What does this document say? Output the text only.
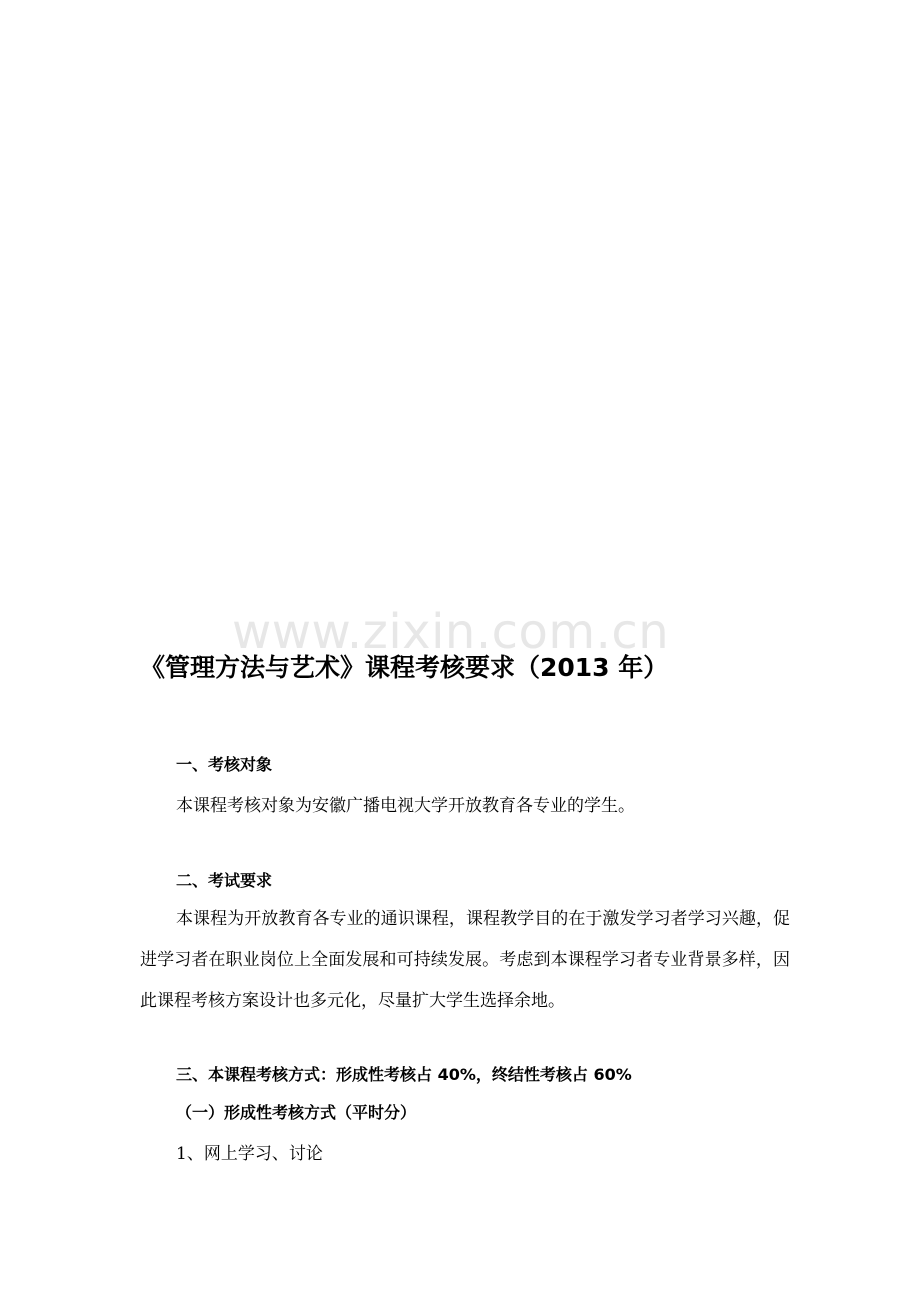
www.zixin.com.cn
《管理方法与艺术》课程考核要求（2013 年）
一、考核对象
本课程考核对象为安徽广播电视大学开放教育各专业的学生。
二、考试要求
本课程为开放教育各专业的通识课程，课程教学目的在于激发学习者学习兴趣，促进学习者在职业岗位上全面发展和可持续发展。考虑到本课程学习者专业背景多样，因此课程考核方案设计也多元化，尽量扩大学生选择余地。
三、本课程考核方式：形成性考核占 40%，终结性考核占 60%
（一）形成性考核方式（平时分）
1、网上学习、讨论
